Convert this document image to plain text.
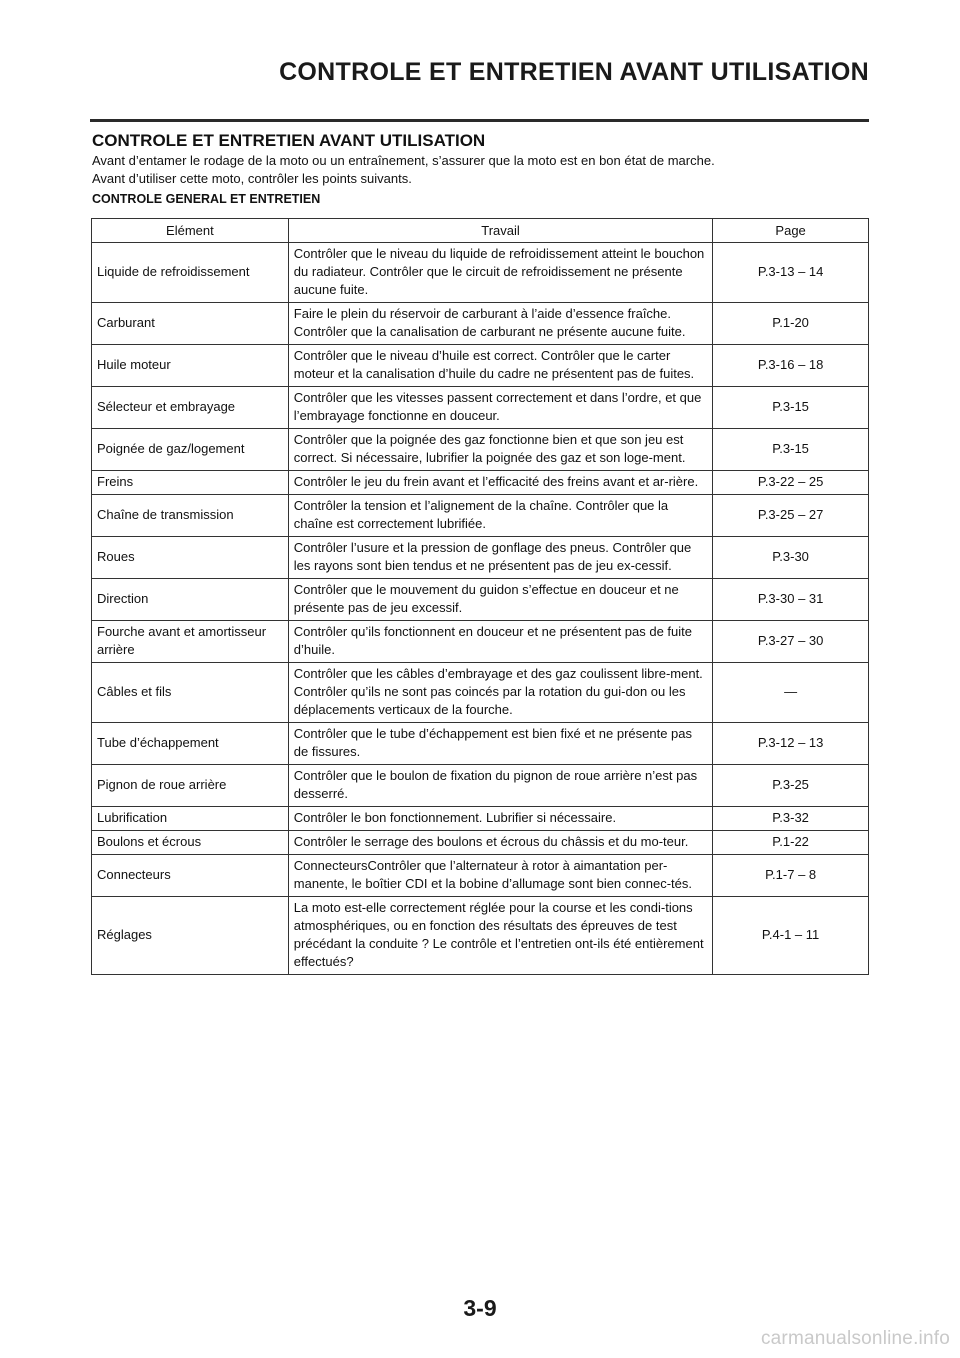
CONTROLE ET ENTRETIEN AVANT UTILISATION
CONTROLE ET ENTRETIEN AVANT UTILISATION

Avant d’entamer le rodage de la moto ou un entraînement, s’assurer que la moto est en bon état de marche.

Avant d’utiliser cette moto, contrôler les points suivants.

CONTROLE GENERAL ET ENTRETIEN
Elément	Travail	Page
Liquide de refroidissement	Contrôler que le niveau du liquide de refroidissement atteint le bouchon du radiateur. Contrôler que le circuit de refroidissement ne présente aucune fuite.	P.3-13 – 14
Carburant	Faire le plein du réservoir de carburant à l’aide d’essence fraîche. Contrôler que la canalisation de carburant ne présente aucune fuite.	P.1-20
Huile moteur	Contrôler que le niveau d’huile est correct. Contrôler que le carter moteur et la canalisation d’huile du cadre ne présentent pas de fuites.	P.3-16 – 18
Sélecteur et embrayage	Contrôler que les vitesses passent correctement et dans l’ordre, et que l’embrayage fonctionne en douceur.	P.3-15
Poignée de gaz/logement	Contrôler que la poignée des gaz fonctionne bien et que son jeu est correct. Si nécessaire, lubrifier la poignée des gaz et son loge-ment.	P.3-15
Freins	Contrôler le jeu du frein avant et l’efficacité des freins avant et ar-rière.	P.3-22 – 25
Chaîne de transmission	Contrôler la tension et l’alignement de la chaîne. Contrôler que la chaîne est correctement lubrifiée.	P.3-25 – 27
Roues	Contrôler l’usure et la pression de gonflage des pneus. Contrôler que les rayons sont bien tendus et ne présentent pas de jeu ex-cessif.	P.3-30
Direction	Contrôler que le mouvement du guidon s’effectue en douceur et ne présente pas de jeu excessif.	P.3-30 – 31
Fourche avant et amortisseur arrière	Contrôler qu’ils fonctionnent en douceur et ne présentent pas de fuite d’huile.	P.3-27 – 30
Câbles et fils	Contrôler que les câbles d’embrayage et des gaz coulissent libre-ment. Contrôler qu’ils ne sont pas coincés par la rotation du gui-don ou les déplacements verticaux de la fourche.	—
Tube d’échappement	Contrôler que le tube d’échappement est bien fixé et ne présente pas de fissures.	P.3-12 – 13
Pignon de roue arrière	Contrôler que le boulon de fixation du pignon de roue arrière n’est pas desserré.	P.3-25
Lubrification	Contrôler le bon fonctionnement. Lubrifier si nécessaire.	P.3-32
Boulons et écrous	Contrôler le serrage des boulons et écrous du châssis et du mo-teur.	P.1-22
Connecteurs	ConnecteursContrôler que l’alternateur à rotor à aimantation per-manente, le boîtier CDI et la bobine d’allumage sont bien connec-tés.	P.1-7 – 8
Réglages	La moto est-elle correctement réglée pour la course et les condi-tions atmosphériques, ou en fonction des résultats des épreuves de test précédant la conduite ? Le contrôle et l’entretien ont-ils été entièrement effectués?	P.4-1 – 11
3-9
carmanualsonline.info
